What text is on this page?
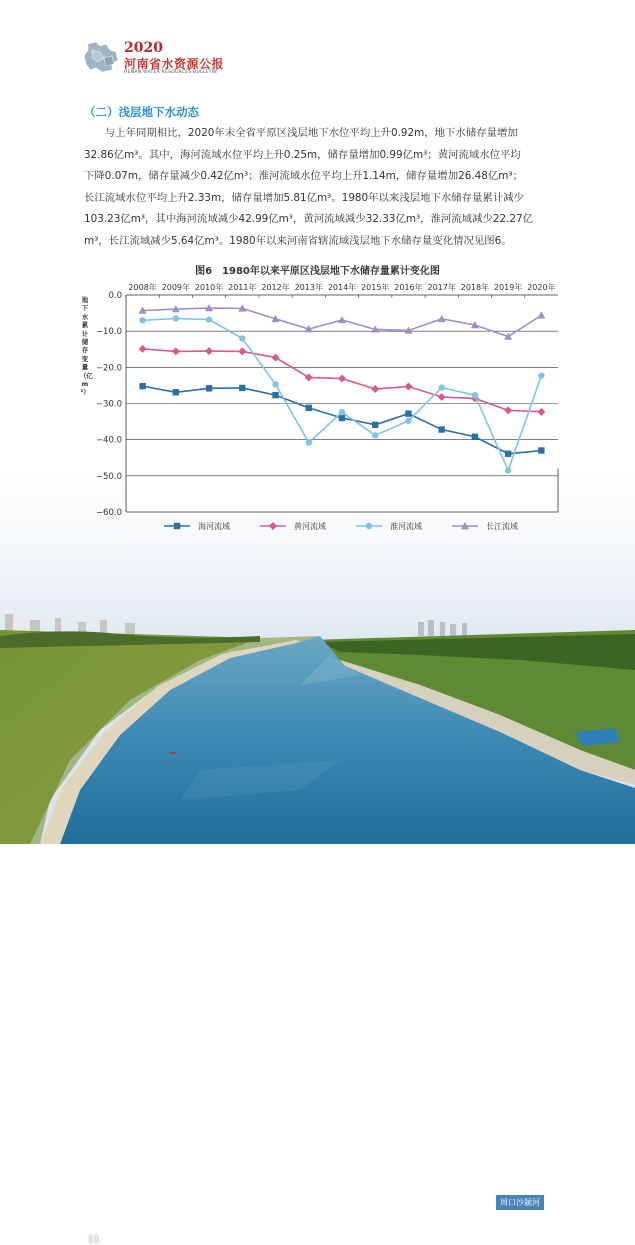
2020
河南省水资源公报
HENAN WATER RESOURCES BULLETIN
（二）浅层地下水动态
与上年同期相比，2020年末全省平原区浅层地下水位平均上升0.92m，地下水储存量增加
32.86亿m³。其中，海河流域水位平均上升0.25m，储存量增加0.99亿m³；黄河流域水位平均
下降0.07m，储存量减少0.42亿m³；淮河流域水位平均上升1.14m，储存量增加26.48亿m³；
长江流域水位平均上升2.33m，储存量增加5.81亿m³。1980年以来浅层地下水储存量累计减少
103.23亿m³，其中海河流域减少42.99亿m³，黄河流域减少32.33亿m³，淮河流域减少22.27亿
m³，长江流域减少5.64亿m³。1980年以来河南省辖流域浅层地下水储存量变化情况见图6。
图6　1980年以来平原区浅层地下水储存量累计变化图
11
周口沙颍河
地下水累计储存变量（亿m³）
0.0
−10.0
−20.0
−30.0
−40.0
−50.0
−60.0
2008年 2009年 2010年 2011年 2012年 2013年 2014年 2015年 2016年 2017年 2018年 2019年 2020年
海河流域	黄河流域	淮河流域	长江流域
